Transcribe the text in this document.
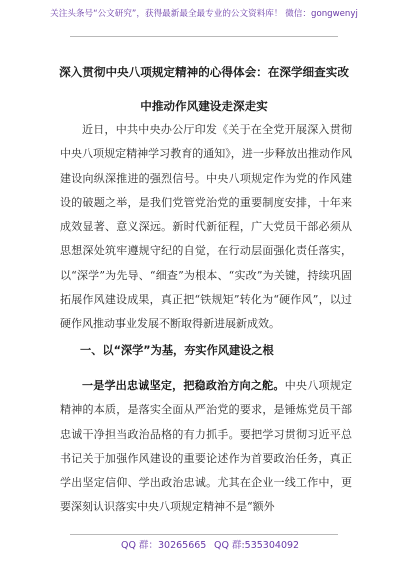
关注头条号“公文研究”，获得最新最全最专业的公文资料库！ 微信：gongwenyj
深入贯彻中央八项规定精神的心得体会：在深学细查实改
中推动作风建设走深走实

近日，中共中央办公厅印发《关于在全党开展深入贯彻中央八项规定精神学习教育的通知》，进一步释放出推动作风建设向纵深推进的强烈信号。中央八项规定作为党的作风建设的破题之举，是我们党管党治党的重要制度安排，十年来成效显著、意义深远。新时代新征程，广大党员干部必须从思想深处筑牢遵规守纪的自觉，在行动层面强化责任落实，以“深学”为先导、“细查”为根本、“实改”为关键，持续巩固拓展作风建设成果，真正把“铁规矩”转化为“硬作风”，以过硬作风推动事业发展不断取得新进展新成效。

一、以“深学”为基，夯实作风建设之根

一是学出忠诚坚定，把稳政治方向之舵。中央八项规定精神的本质，是落实全面从严治党的要求，是锤炼党员干部忠诚干净担当政治品格的有力抓手。要把学习贯彻习近平总书记关于加强作风建设的重要论述作为首要政治任务，真正学出坚定信仰、学出政治忠诚。尤其在企业一线工作中，更要深刻认识落实中央八项规定精神不是“额外

QQ 群：30265665 QQ 群:535304092
